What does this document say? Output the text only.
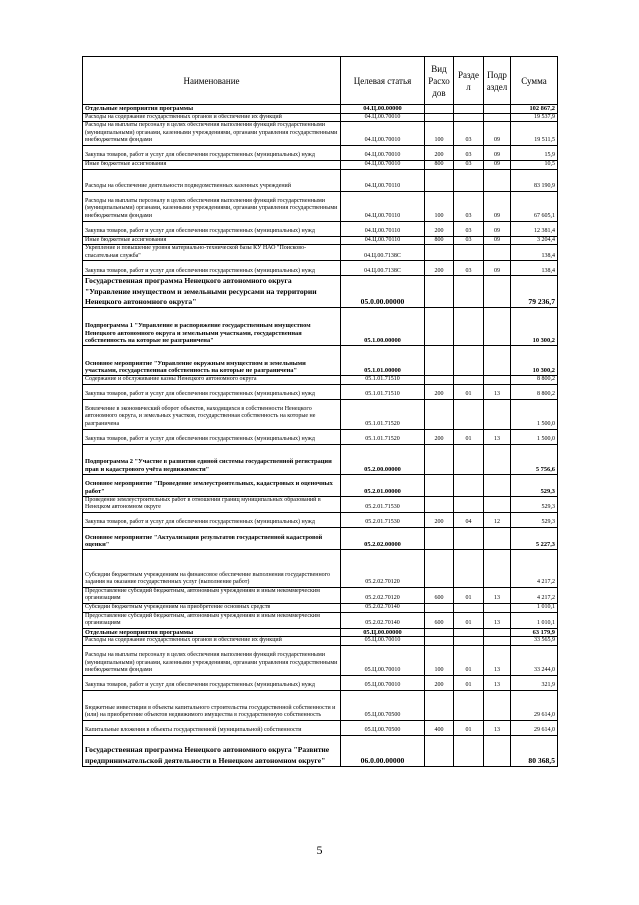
Наименование	Целевая статья	Вид Расхо дов	Разде л	Подр аздел	Сумма
Отдельные мероприятия программы	04.Ц.00.00000				102 867,2
Расходы на содержание государственных органов и обеспечение их функций	04.Ц.00.70010				19 537,9
Расходы на выплаты персоналу в целях обеспечения выполнения функций государственными (муниципальными) органами, казенными учреждениями, органами управления государственными внебюджетными фондами	04.Ц.00.70010	100	03	09	19 511,5
Закупка товаров, работ и услуг для обеспечения государственных (муниципальных) нужд	04.Ц.00.70010	200	03	09	15,9
Иные бюджетные ассигнования	04.Ц.00.70010	800	03	09	10,5
Расходы на обеспечение деятельности подведомственных казенных учреждений	04.Ц.00.70110				83 190,9
Расходы на выплаты персоналу в целях обеспечения выполнения функций государственными (муниципальными) органами, казенными учреждениями, органами управления государственными внебюджетными фондами	04.Ц.00.70110	100	03	09	67 605,1
Закупка товаров, работ и услуг для обеспечения государственных (муниципальных) нужд	04.Ц.00.70110	200	03	09	12 381,4
Иные бюджетные ассигнования	04.Ц.00.70110	800	03	09	3 204,4
Укрепление и повышение уровня материально-технической базы КУ НАО "Поисково-спасательная служба"	04.Ц.00.7138С				138,4
Закупка товаров, работ и услуг для обеспечения государственных (муниципальных) нужд	04.Ц.00.7138С	200	03	09	138,4
Государственная программа Ненецкого автономного округа "Управление имуществом и земельными ресурсами на территории Ненецкого автономного округа"	05.0.00.00000				79 236,7
Подпрограмма 1 "Управление и распоряжение государственным имуществом Ненецкого автономного округа и земельными участками, государственная собственность на которые не разграничена"	05.1.00.00000				10 300,2
Основное мероприятие "Управление окружным имуществом и земельными участками, государственная собственность на которые не разграничена"	05.1.01.00000				10 300,2
Содержание и обслуживание казны Ненецкого автономного округа	05.1.01.71510				8 800,2
Закупка товаров, работ и услуг для обеспечения государственных (муниципальных) нужд	05.1.01.71510	200	01	13	8 800,2
Вовлечение в экономический оборот объектов, находящихся в собственности Ненецкого автономного округа, и земельных участков, государственная собственность на которые не разграничена	05.1.01.71520				1 500,0
Закупка товаров, работ и услуг для обеспечения государственных (муниципальных) нужд	05.1.01.71520	200	01	13	1 500,0
Подпрограмма 2 "Участие в развитии единой системы государственной регистрации прав и кадастрового учёта недвижимости"	05.2.00.00000				5 756,6
Основное мероприятие "Проведение землеустроительных, кадастровых и оценочных работ"	05.2.01.00000				529,3
Проведение землеустроительных работ в отношении границ муниципальных образований в Ненецком автономном округе	05.2.01.71530				529,3
Закупка товаров, работ и услуг для обеспечения государственных (муниципальных) нужд	05.2.01.71530	200	04	12	529,3
Основное мероприятие "Актуализация результатов государственной кадастровой оценки"	05.2.02.00000				5 227,3
Субсидии бюджетным учреждениям на финансовое обеспечение выполнения государственного задания на оказание государственных услуг (выполнение работ)	05.2.02.70120				4 217,2
Предоставление субсидий бюджетным, автономным учреждениям и иным некоммерческим организациям	05.2.02.70120	600	01	13	4 217,2
Субсидии бюджетным учреждениям на приобретение основных средств	05.2.02.70140				1 010,1
Предоставление субсидий бюджетным, автономным учреждениям и иным некоммерческим организациям	05.2.02.70140	600	01	13	1 010,1
Отдельные мероприятия программы	05.Ц.00.00000				63 179,9
Расходы на содержание государственных органов и обеспечение их функций	05.Ц.00.70010				33 565,9
Расходы на выплаты персоналу в целях обеспечения выполнения функций государственными (муниципальными) органами, казенными учреждениями, органами управления государственными внебюджетными фондами	05.Ц.00.70010	100	01	13	33 244,0
Закупка товаров, работ и услуг для обеспечения государственных (муниципальных) нужд	05.Ц.00.70010	200	01	13	321,9
Бюджетные инвестиции в объекты капитального строительства государственной собственности и (или) на приобретение объектов недвижимого имущества в государственную собственность	05.Ц.00.70500				29 614,0
Капитальные вложения в объекты государственной (муниципальной) собственности	05.Ц.00.70500	400	01	13	29 614,0
Государственная программа Ненецкого автономного округа "Развитие предпринимательской деятельности в Ненецком автономном округе"	06.0.00.00000				80 368,5
5
